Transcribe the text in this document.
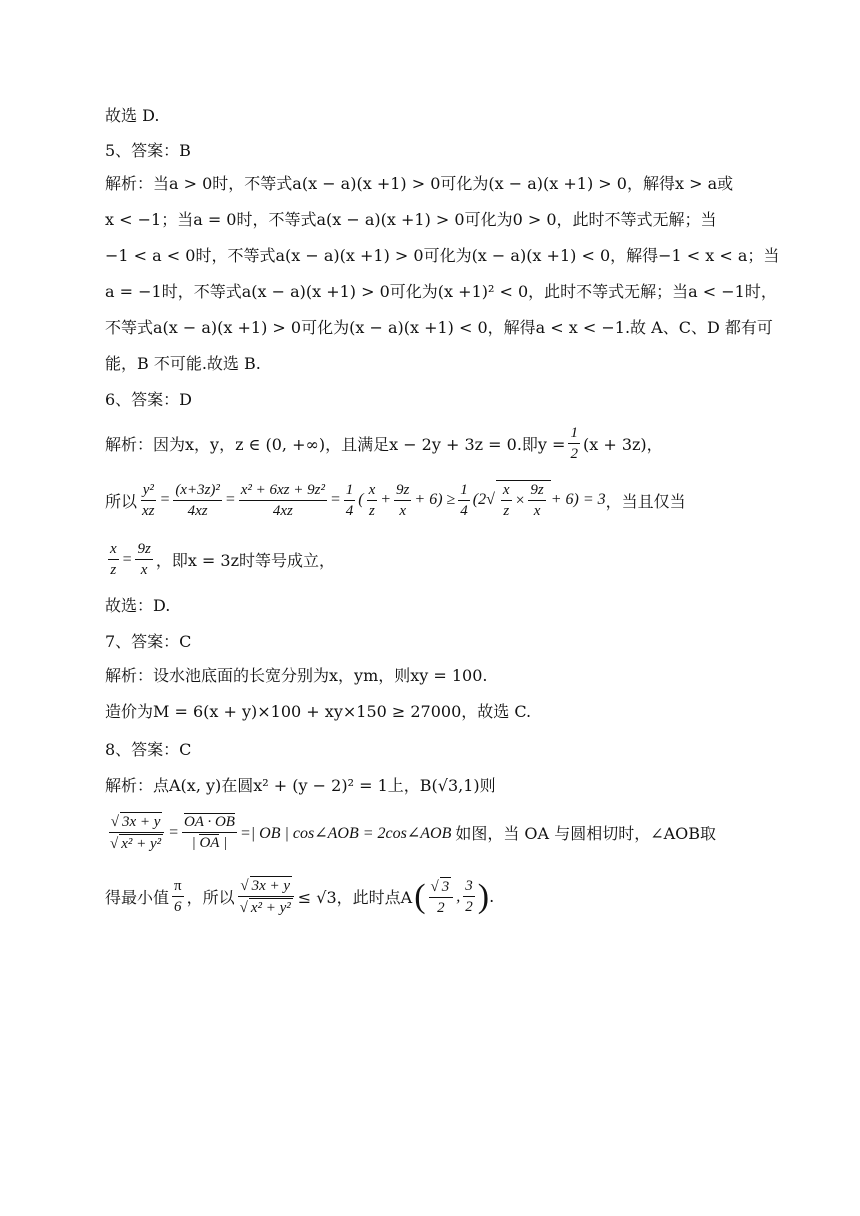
故选 D.
5、答案：B
解析：当a > 0时，不等式a(x − a)(x +1) > 0可化为(x − a)(x +1) > 0，解得x > a或
x < −1；当a = 0时，不等式a(x − a)(x +1) > 0可化为0 > 0，此时不等式无解；当
−1 < a < 0时，不等式a(x − a)(x +1) > 0可化为(x − a)(x +1) < 0，解得−1 < x < a；当
a = −1时，不等式a(x − a)(x +1) > 0可化为(x +1)² < 0，此时不等式无解；当a < −1时，
不等式a(x − a)(x +1) > 0可化为(x − a)(x +1) < 0，解得a < x < −1.故 A、C、D 都有可
能，B 不可能.故选 B.
6、答案：D
解析：因为x，y，z ∈ (0, +∞)，且满足x − 2y + 3z = 0.即$y = \frac{1}{2} (x + 3z)$，
所以 $\frac{\text{y²}}{xz} = \frac{\text{(x+3z)²}}{4xz} = \frac{\text{x² + 6xz + 9z²}}{4xz} = \frac{1}{4}$ ( $\frac{x}{z} + \frac{9z}{x} + 6) \ge \frac{1}{4} (2√ \frac{x}{z} \times \frac{9z}{x} + 6) = 3$ ，当且仅当
$\frac{x}{z} = \frac{9z}{x}$ ，即x = 3z时等号成立，
故选：D.
7、答案：C
解析：设水池底面的长宽分别为x，ym，则xy = 100.
造价为M = 6(x + y)×100 + xy×150 ≥ 27000，故选 C.
8、答案：C
解析：点A(x, y)在圆x² + (y − 2)² = 1上，B(√3,1)则
$\frac{√ 3x + y}{\text{√ x² + y²}} = \frac{OA \cdot OB}{| OA |}$ =| OB | cos∠AOB = 2cos∠AOB 如图，当 OA 与圆相切时，∠AOB取
得最小值 $\frac{\pi}{6}$ ，所以 $\frac{√ 3x + y}{\text{√ x² + y²}} \le √3$，此时点A ( $\frac{√ 3}{2}$ , $\frac{3}{2}$ ) .
